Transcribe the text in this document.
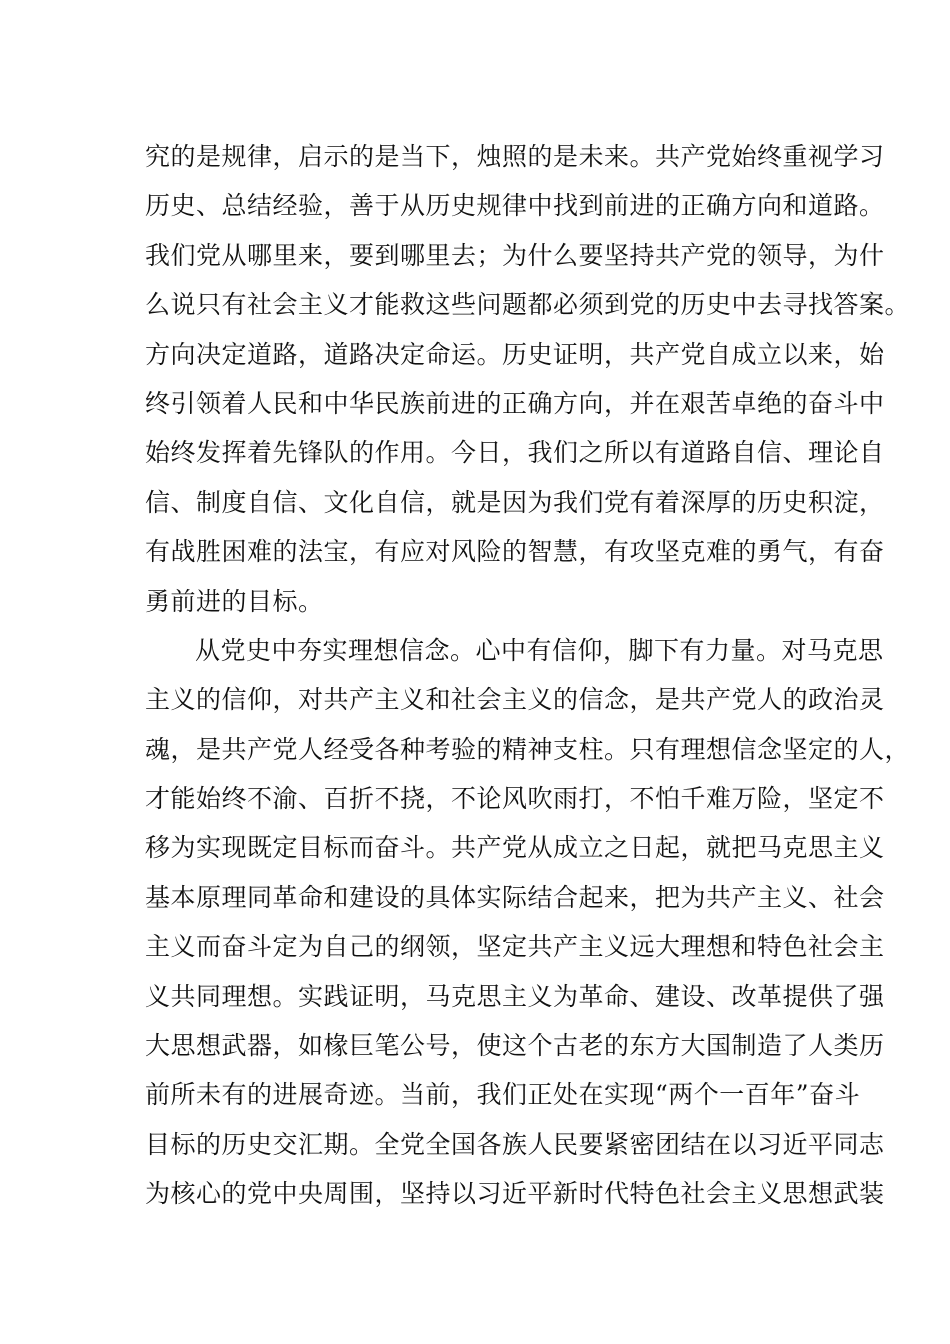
究的是规律，启示的是当下，烛照的是未来。共产党始终重视学习
历史、总结经验，善于从历史规律中找到前进的正确方向和道路。
我们党从哪里来，要到哪里去；为什么要坚持共产党的领导，为什
么说只有社会主义才能救这些问题都必须到党的历史中去寻找答案。
方向决定道路，道路决定命运。历史证明，共产党自成立以来，始
终引领着人民和中华民族前进的正确方向，并在艰苦卓绝的奋斗中
始终发挥着先锋队的作用。今日，我们之所以有道路自信、理论自
信、制度自信、文化自信，就是因为我们党有着深厚的历史积淀，
有战胜困难的法宝，有应对风险的智慧，有攻坚克难的勇气，有奋
勇前进的目标。
从党史中夯实理想信念。心中有信仰，脚下有力量。对马克思
主义的信仰，对共产主义和社会主义的信念，是共产党人的政治灵
魂，是共产党人经受各种考验的精神支柱。只有理想信念坚定的人，
才能始终不渝、百折不挠，不论风吹雨打，不怕千难万险，坚定不
移为实现既定目标而奋斗。共产党从成立之日起，就把马克思主义
基本原理同革命和建设的具体实际结合起来，把为共产主义、社会
主义而奋斗定为自己的纲领，坚定共产主义远大理想和特色社会主
义共同理想。实践证明，马克思主义为革命、建设、改革提供了强
大思想武器，如椽巨笔公号，使这个古老的东方大国制造了人类历
前所未有的进展奇迹。当前，我们正处在实现“两个一百年”奋斗
目标的历史交汇期。全党全国各族人民要紧密团结在以习近平同志
为核心的党中央周围，坚持以习近平新时代特色社会主义思想武装
